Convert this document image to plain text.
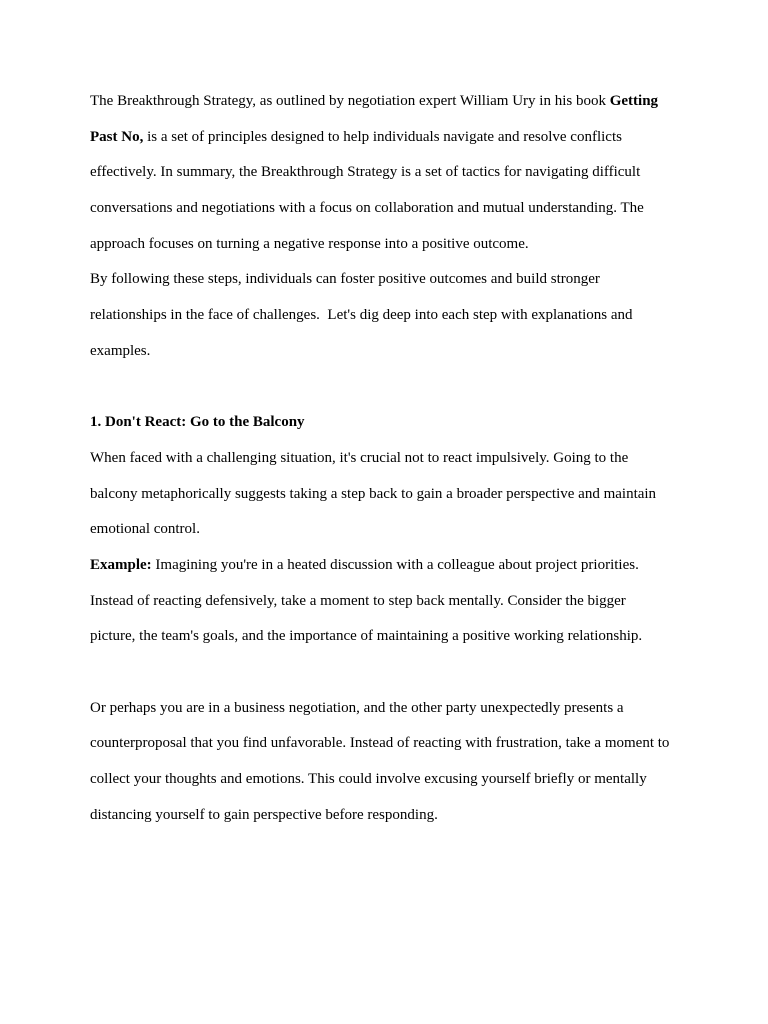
The Breakthrough Strategy, as outlined by negotiation expert William Ury in his book Getting
Past No, is a set of principles designed to help individuals navigate and resolve conflicts
effectively. In summary, the Breakthrough Strategy is a set of tactics for navigating difficult
conversations and negotiations with a focus on collaboration and mutual understanding. The
approach focuses on turning a negative response into a positive outcome.
By following these steps, individuals can foster positive outcomes and build stronger
relationships in the face of challenges.  Let's dig deep into each step with explanations and
examples.
1. Don't React: Go to the Balcony
When faced with a challenging situation, it's crucial not to react impulsively. Going to the
balcony metaphorically suggests taking a step back to gain a broader perspective and maintain
emotional control.
Example: Imagining you're in a heated discussion with a colleague about project priorities.
Instead of reacting defensively, take a moment to step back mentally. Consider the bigger
picture, the team's goals, and the importance of maintaining a positive working relationship.
Or perhaps you are in a business negotiation, and the other party unexpectedly presents a
counterproposal that you find unfavorable. Instead of reacting with frustration, take a moment to
collect your thoughts and emotions. This could involve excusing yourself briefly or mentally
distancing yourself to gain perspective before responding.
